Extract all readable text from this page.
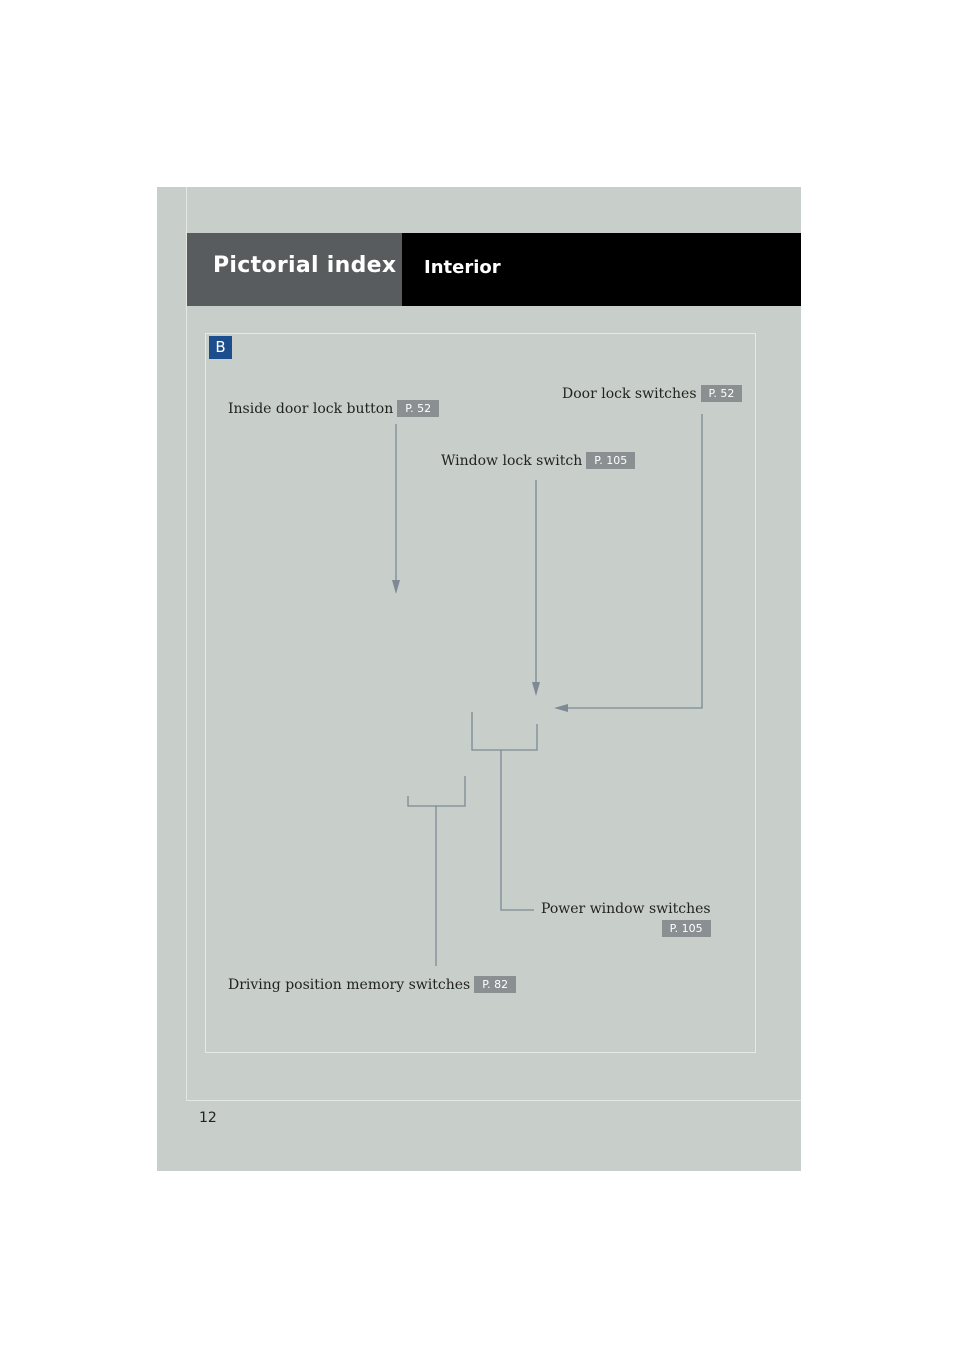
Pictorial index Interior
B
Inside door lock button	P. 52
Door lock switches	P. 52
Window lock switch	P. 105
Power window switches
P. 105
Driving position memory switches	P. 82
12
